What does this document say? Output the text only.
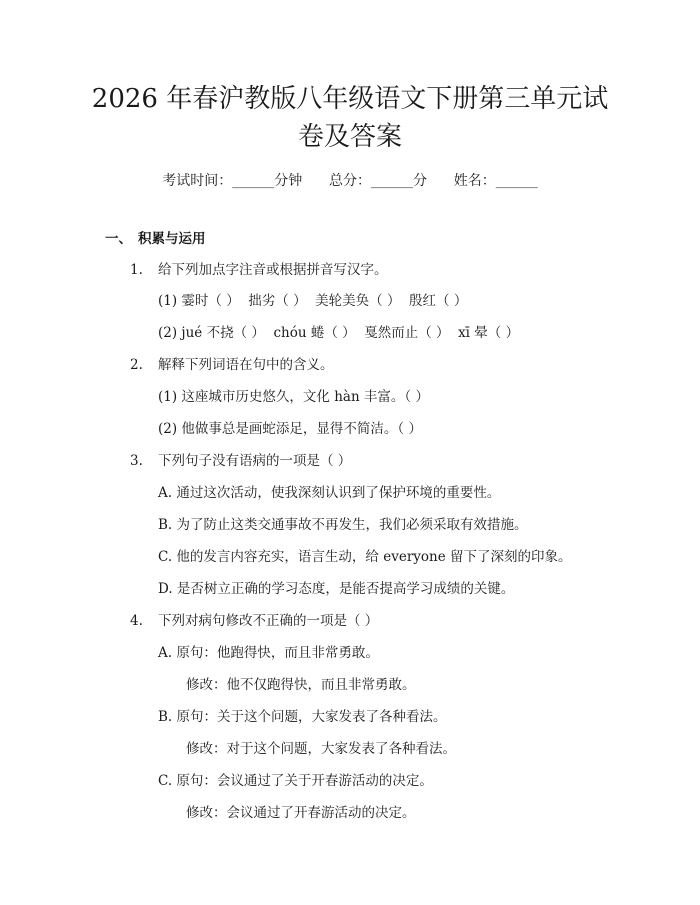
2026 年春沪教版八年级语文下册第三单元试
卷及答案
考试时间：______分钟      总分：______分      姓名：______
一、 积累与运用
1. 给下列加点字注音或根据拼音写汉字。
(1) 霎时（ ）  拙劣（ ）  美轮美奂（ ）  殷红（ ）
(2) jué 不挠（ ）  chóu 蜷（ ）  戛然而止（ ）  xī 晕（ ）
2. 解释下列词语在句中的含义。
(1) 这座城市历史悠久，文化 hàn 丰富。（ ）
(2) 他做事总是画蛇添足，显得不简洁。（ ）
3. 下列句子没有语病的一项是（ ）
A. 通过这次活动，使我深刻认识到了保护环境的重要性。
B. 为了防止这类交通事故不再发生，我们必须采取有效措施。
C. 他的发言内容充实，语言生动，给 everyone 留下了深刻的印象。
D. 是否树立正确的学习态度，是能否提高学习成绩的关键。
4. 下列对病句修改不正确的一项是（ ）
A. 原句：他跑得快，而且非常勇敢。
修改：他不仅跑得快，而且非常勇敢。
B. 原句：关于这个问题，大家发表了各种看法。
修改：对于这个问题，大家发表了各种看法。
C. 原句：会议通过了关于开春游活动的决定。
修改：会议通过了开春游活动的决定。
